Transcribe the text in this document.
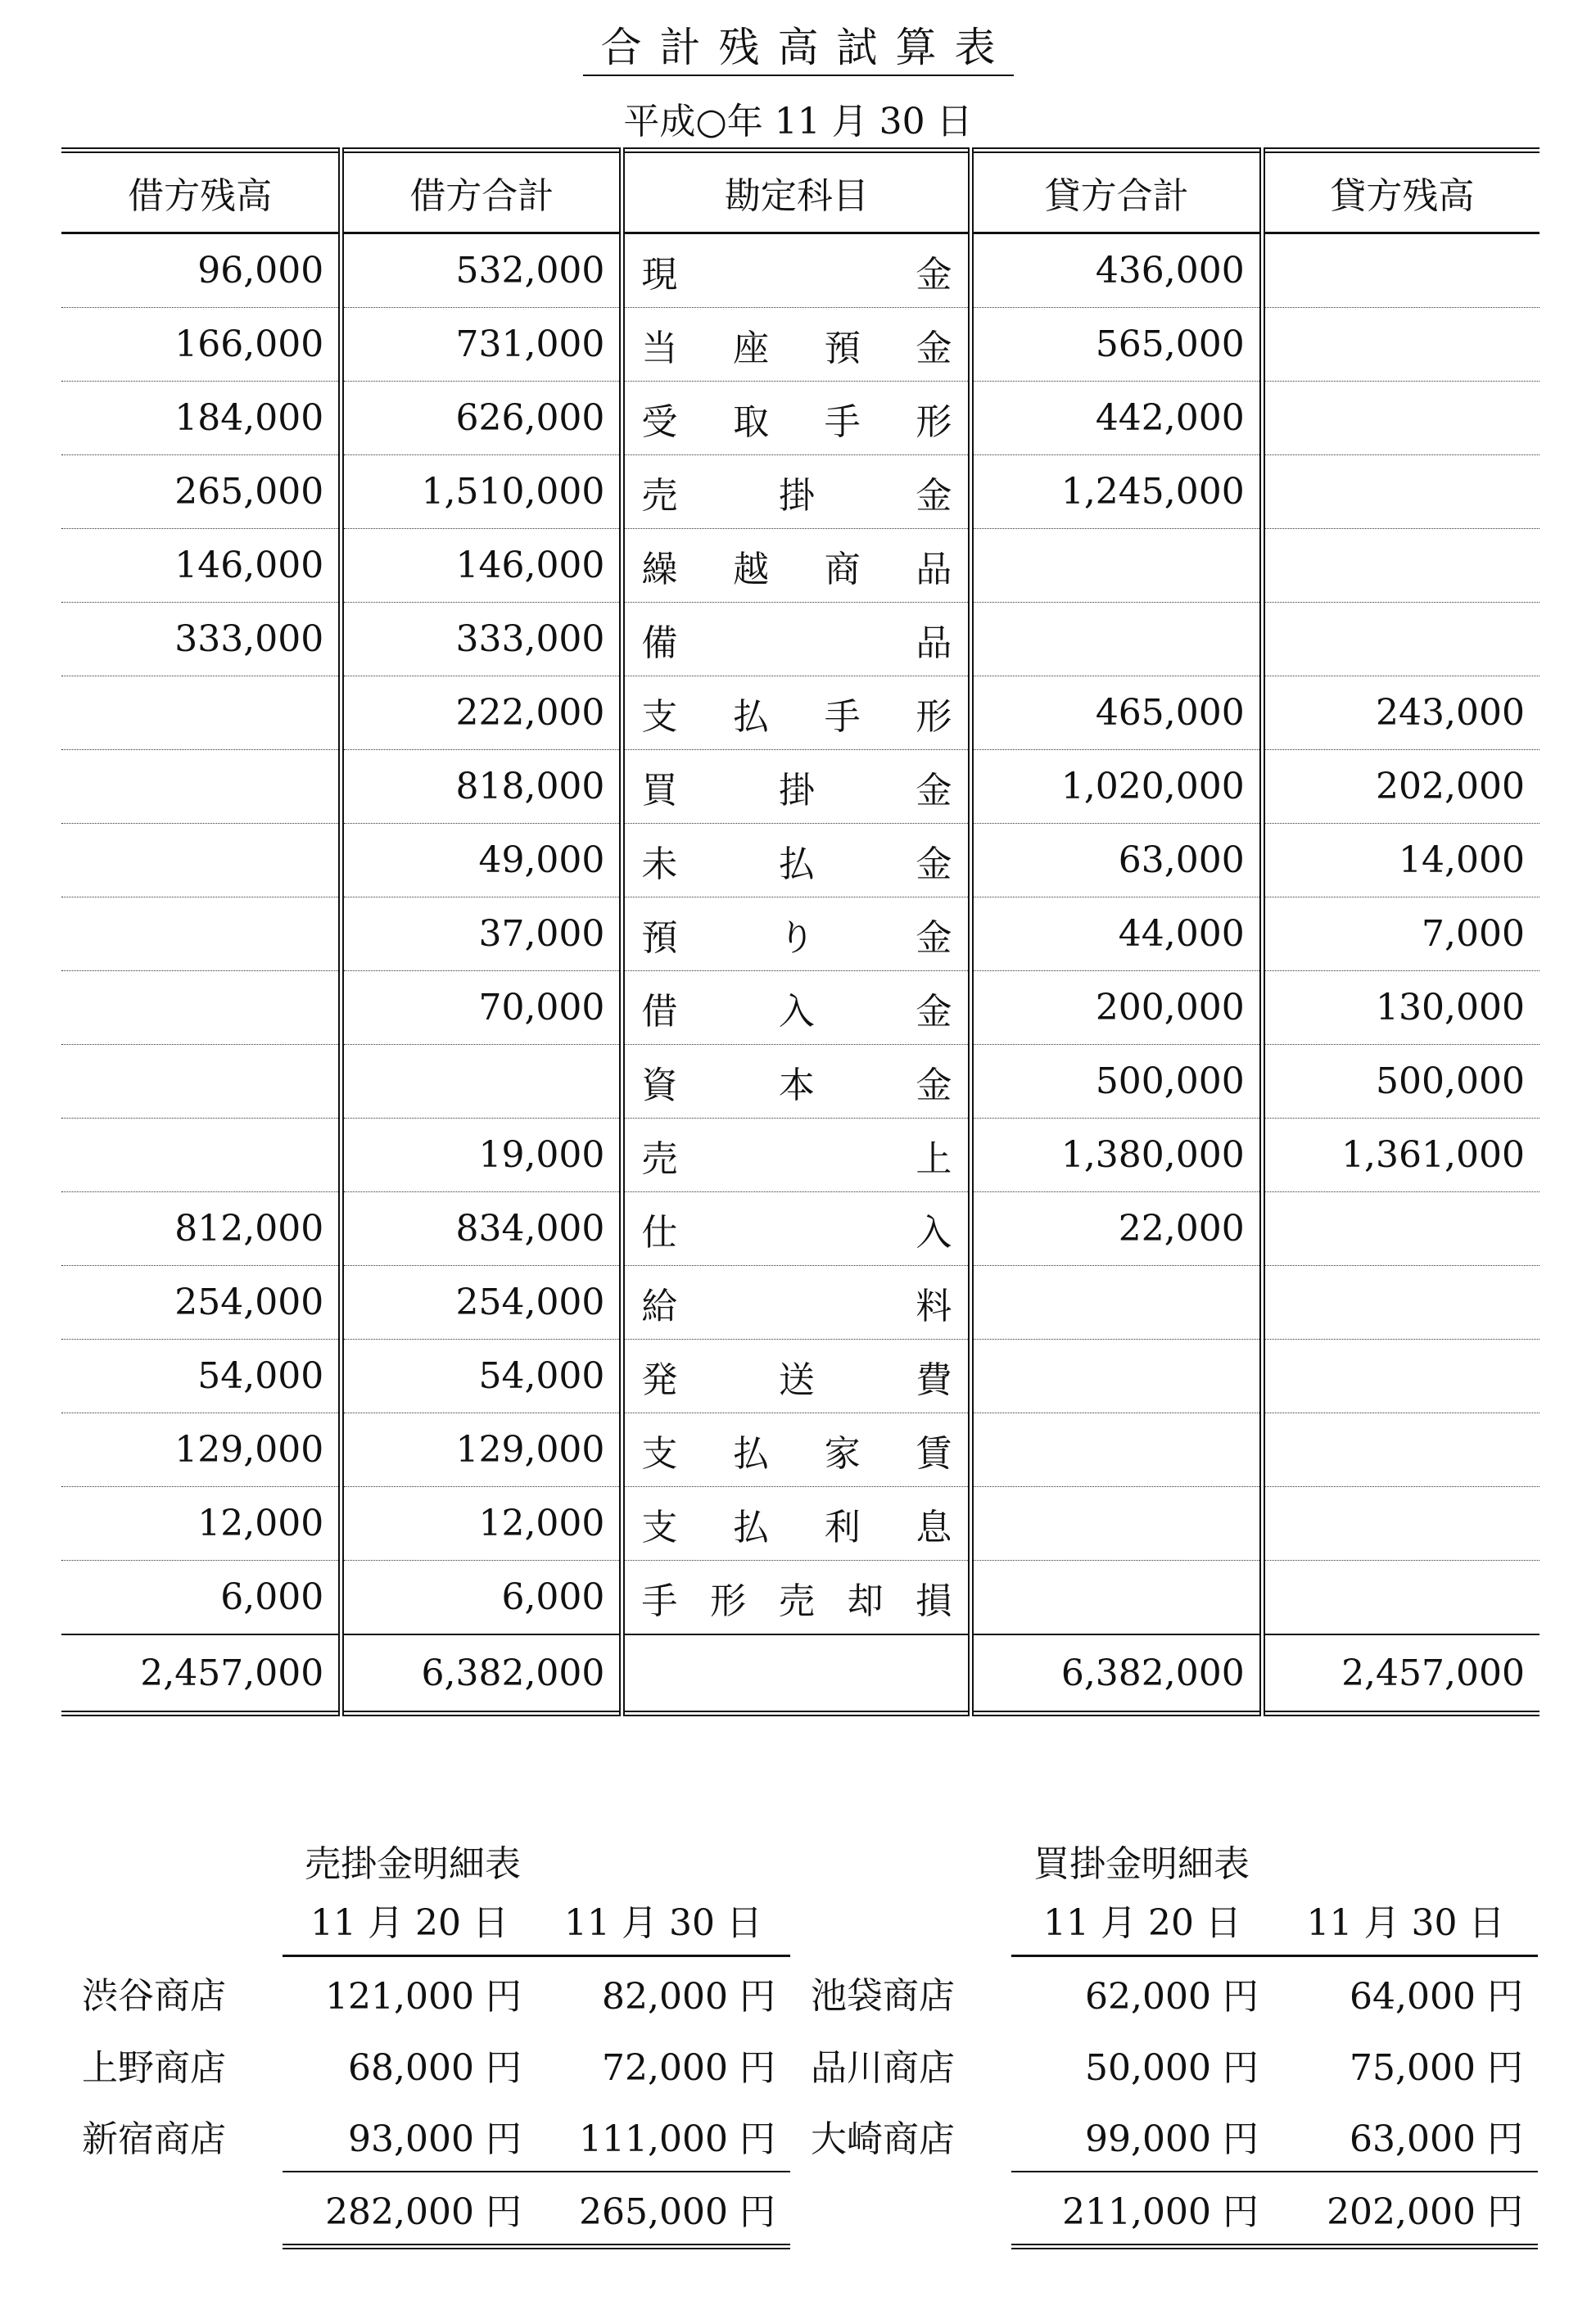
合計残高試算表
平成○年 11 月 30 日
借方残高	借方合計	勘定科目	貸方合計	貸方残高
96,000	532,000	現 金	436,000	
166,000	731,000	当 座 預 金	565,000	
184,000	626,000	受 取 手 形	442,000	
265,000	1,510,000	売 掛 金	1,245,000	
146,000	146,000	繰 越 商 品		

333,000	333,000	備 品		

	222,000	支 払 手 形	465,000	243,000
	818,000	買 掛 金	1,020,000	202,000
	49,000	未 払 金	63,000	14,000
	37,000	預 り 金	44,000	7,000
	70,000	借 入 金	200,000	130,000

		資 本 金	500,000	500,000
	19,000	売 上	1,380,000	1,361,000
812,000	834,000	仕 入	22,000	
254,000	254,000	給 料		

54,000	54,000	発 送 費		

129,000	129,000	支 払 家 賃		

12,000	12,000	支 払 利 息		

6,000	6,000	手 形 売 却 損		

2,457,000	6,382,000		6,382,000	2,457,000
売掛金明細表
	11 月 20 日	11 月 30 日
渋谷商店	121,000 円	82,000 円
上野商店	68,000 円	72,000 円
新宿商店	93,000 円	111,000 円
	282,000 円	265,000 円
買掛金明細表
	11 月 20 日	11 月 30 日
池袋商店	62,000 円	64,000 円
品川商店	50,000 円	75,000 円
大崎商店	99,000 円	63,000 円
	211,000 円	202,000 円
